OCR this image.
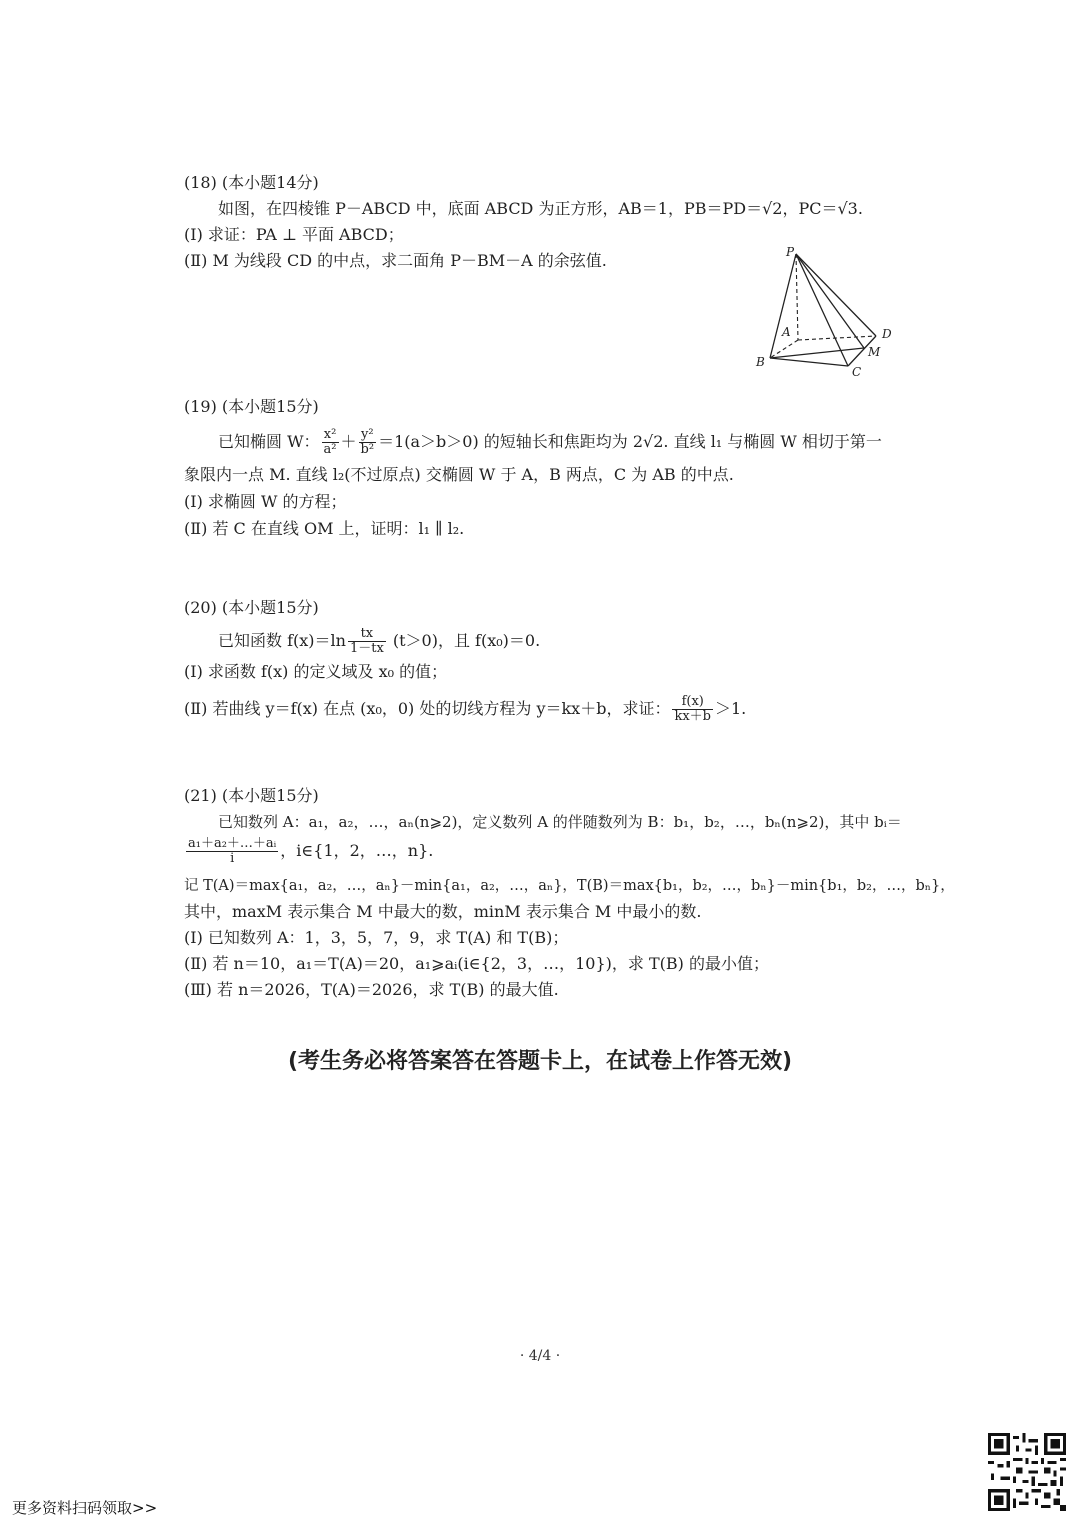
(18) (本小题14分)
如图，在四棱锥 P－ABCD 中，底面 ABCD 为正方形，AB＝1，PB＝PD＝√2，PC＝√3.
(Ⅰ) 求证：PA ⊥ 平面 ABCD；
(Ⅱ) M 为线段 CD 的中点，求二面角 P－BM－A 的余弦值.	P
A
B
C
D
M
(19) (本小题15分)
已知椭圆 W： $\frac{\text{x²}}{\text{a²}} + \frac{\text{y²}}{\text{b²}} =1(a>b>0)$ 的短轴长和焦距均为 2√2. 直线 l₁ 与椭圆 W 相切于第一
象限内一点 M. 直线 l₂(不过原点) 交椭圆 W 于 A，B 两点，C 为 AB 的中点.
(Ⅰ) 求椭圆 W 的方程；
(Ⅱ) 若 C 在直线 OM 上，证明：l₁ ∥ l₂.
(20) (本小题15分)
已知函数 $f(x)=\ln \frac{tx}{1-tx} (t>0)$，且 f(x₀)＝0.
(Ⅰ) 求函数 f(x) 的定义域及 x₀ 的值；
(Ⅱ) 若曲线 y＝f(x) 在点 (x₀，0) 处的切线方程为 y＝kx＋b，求证： $\frac{f(x)}{kx+b} >1$.
(21) (本小题15分)
已知数列 A：a₁，a₂，…，aₙ(n⩾2)，定义数列 A 的伴随数列为 B：b₁，b₂，…，bₙ(n⩾2)，其中 bᵢ＝
$\frac{\text{a₁＋a₂＋…＋aᵢ}}{i}$ ，i∈{1，2，…，n}.
记 T(A)＝max{a₁，a₂，…，aₙ}－min{a₁，a₂，…，aₙ}，T(B)＝max{b₁，b₂，…，bₙ}－min{b₁，b₂，…，bₙ}，
其中，maxM 表示集合 M 中最大的数，minM 表示集合 M 中最小的数.
(Ⅰ) 已知数列 A：1，3，5，7，9，求 T(A) 和 T(B)；
(Ⅱ) 若 n＝10，a₁＝T(A)＝20，a₁⩾aᵢ(i∈{2，3，…，10})，求 T(B) 的最小值；
(Ⅲ) 若 n＝2026，T(A)＝2026，求 T(B) 的最大值.
(考生务必将答案答在答题卡上，在试卷上作答无效)
· 4/4 ·
更多资料扫码领取>>
